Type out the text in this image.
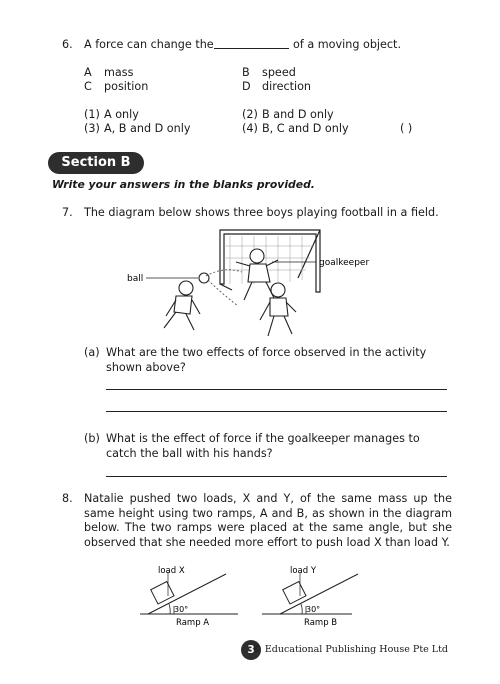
6. A force can change the	of a moving object.
A mass	B speed
C position	D direction
(1) A only	(2) B and D only
(3) A, B and D only	(4) B, C and D only	( )
Section B
Write your answers in the blanks provided.
7. The diagram below shows three boys playing football in a field.
ball
goalkeeper
(a) What are the two effects of force observed in the activity shown above?
(b) What is the effect of force if the goalkeeper manages to catch the ball with his hands?
8. Natalie pushed two loads, X and Y, of the same mass up the same height using two ramps, A and B, as shown in the diagram below. The two ramps were placed at the same angle, but she observed that she needed more effort to push load X than load Y.
30°
load X
Ramp A
30°
load Y
Ramp B
3
© Educational Publishing House Pte Ltd
